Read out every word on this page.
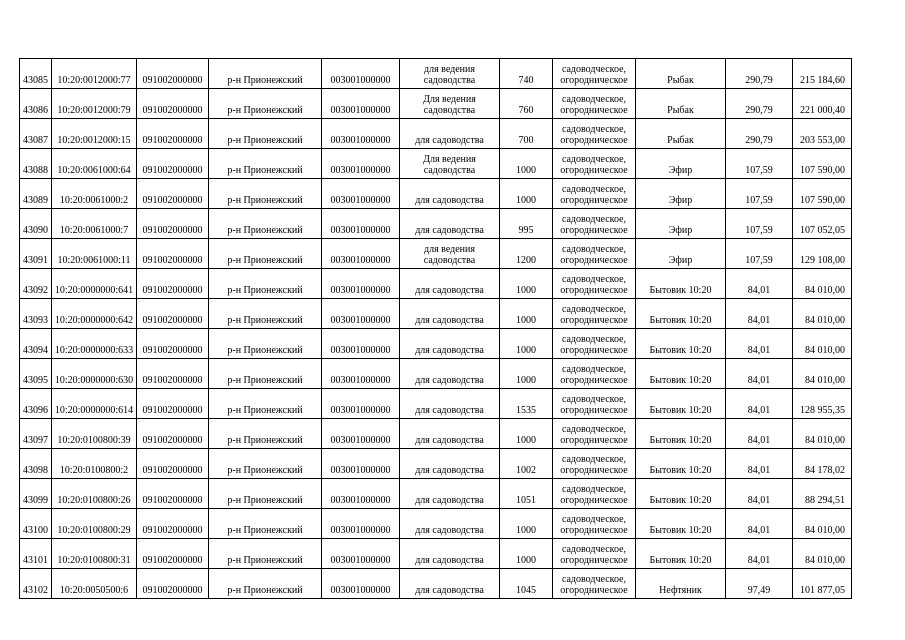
43085	10:20:0012000:77	091002000000	р-н Прионежский	003001000000	для ведения садоводства	740	садоводческое, огородническое	Рыбак	290,79	215 184,60
43086	10:20:0012000:79	091002000000	р-н Прионежский	003001000000	Для ведения садоводства	760	садоводческое, огородническое	Рыбак	290,79	221 000,40
43087	10:20:0012000:15	091002000000	р-н Прионежский	003001000000	для садоводства	700	садоводческое, огородническое	Рыбак	290,79	203 553,00
43088	10:20:0061000:64	091002000000	р-н Прионежский	003001000000	Для ведения садоводства	1000	садоводческое, огородническое	Эфир	107,59	107 590,00
43089	10:20:0061000:2	091002000000	р-н Прионежский	003001000000	для садоводства	1000	садоводческое, огородническое	Эфир	107,59	107 590,00
43090	10:20:0061000:7	091002000000	р-н Прионежский	003001000000	для садоводства	995	садоводческое, огородническое	Эфир	107,59	107 052,05
43091	10:20:0061000:11	091002000000	р-н Прионежский	003001000000	для ведения садоводства	1200	садоводческое, огородническое	Эфир	107,59	129 108,00
43092	10:20:0000000:641	091002000000	р-н Прионежский	003001000000	для садоводства	1000	садоводческое, огородническое	Бытовик 10:20	84,01	84 010,00
43093	10:20:0000000:642	091002000000	р-н Прионежский	003001000000	для садоводства	1000	садоводческое, огородническое	Бытовик 10:20	84,01	84 010,00
43094	10:20:0000000:633	091002000000	р-н Прионежский	003001000000	для садоводства	1000	садоводческое, огородническое	Бытовик 10:20	84,01	84 010,00
43095	10:20:0000000:630	091002000000	р-н Прионежский	003001000000	для садоводства	1000	садоводческое, огородническое	Бытовик 10:20	84,01	84 010,00
43096	10:20:0000000:614	091002000000	р-н Прионежский	003001000000	для садоводства	1535	садоводческое, огородническое	Бытовик 10:20	84,01	128 955,35
43097	10:20:0100800:39	091002000000	р-н Прионежский	003001000000	для садоводства	1000	садоводческое, огородническое	Бытовик 10:20	84,01	84 010,00
43098	10:20:0100800:2	091002000000	р-н Прионежский	003001000000	для садоводства	1002	садоводческое, огородническое	Бытовик 10:20	84,01	84 178,02
43099	10:20:0100800:26	091002000000	р-н Прионежский	003001000000	для садоводства	1051	садоводческое, огородническое	Бытовик 10:20	84,01	88 294,51
43100	10:20:0100800:29	091002000000	р-н Прионежский	003001000000	для садоводства	1000	садоводческое, огородническое	Бытовик 10:20	84,01	84 010,00
43101	10:20:0100800:31	091002000000	р-н Прионежский	003001000000	для садоводства	1000	садоводческое, огородническое	Бытовик 10:20	84,01	84 010,00
43102	10:20:0050500:6	091002000000	р-н Прионежский	003001000000	для садоводства	1045	садоводческое, огородническое	Нефтяник	97,49	101 877,05
